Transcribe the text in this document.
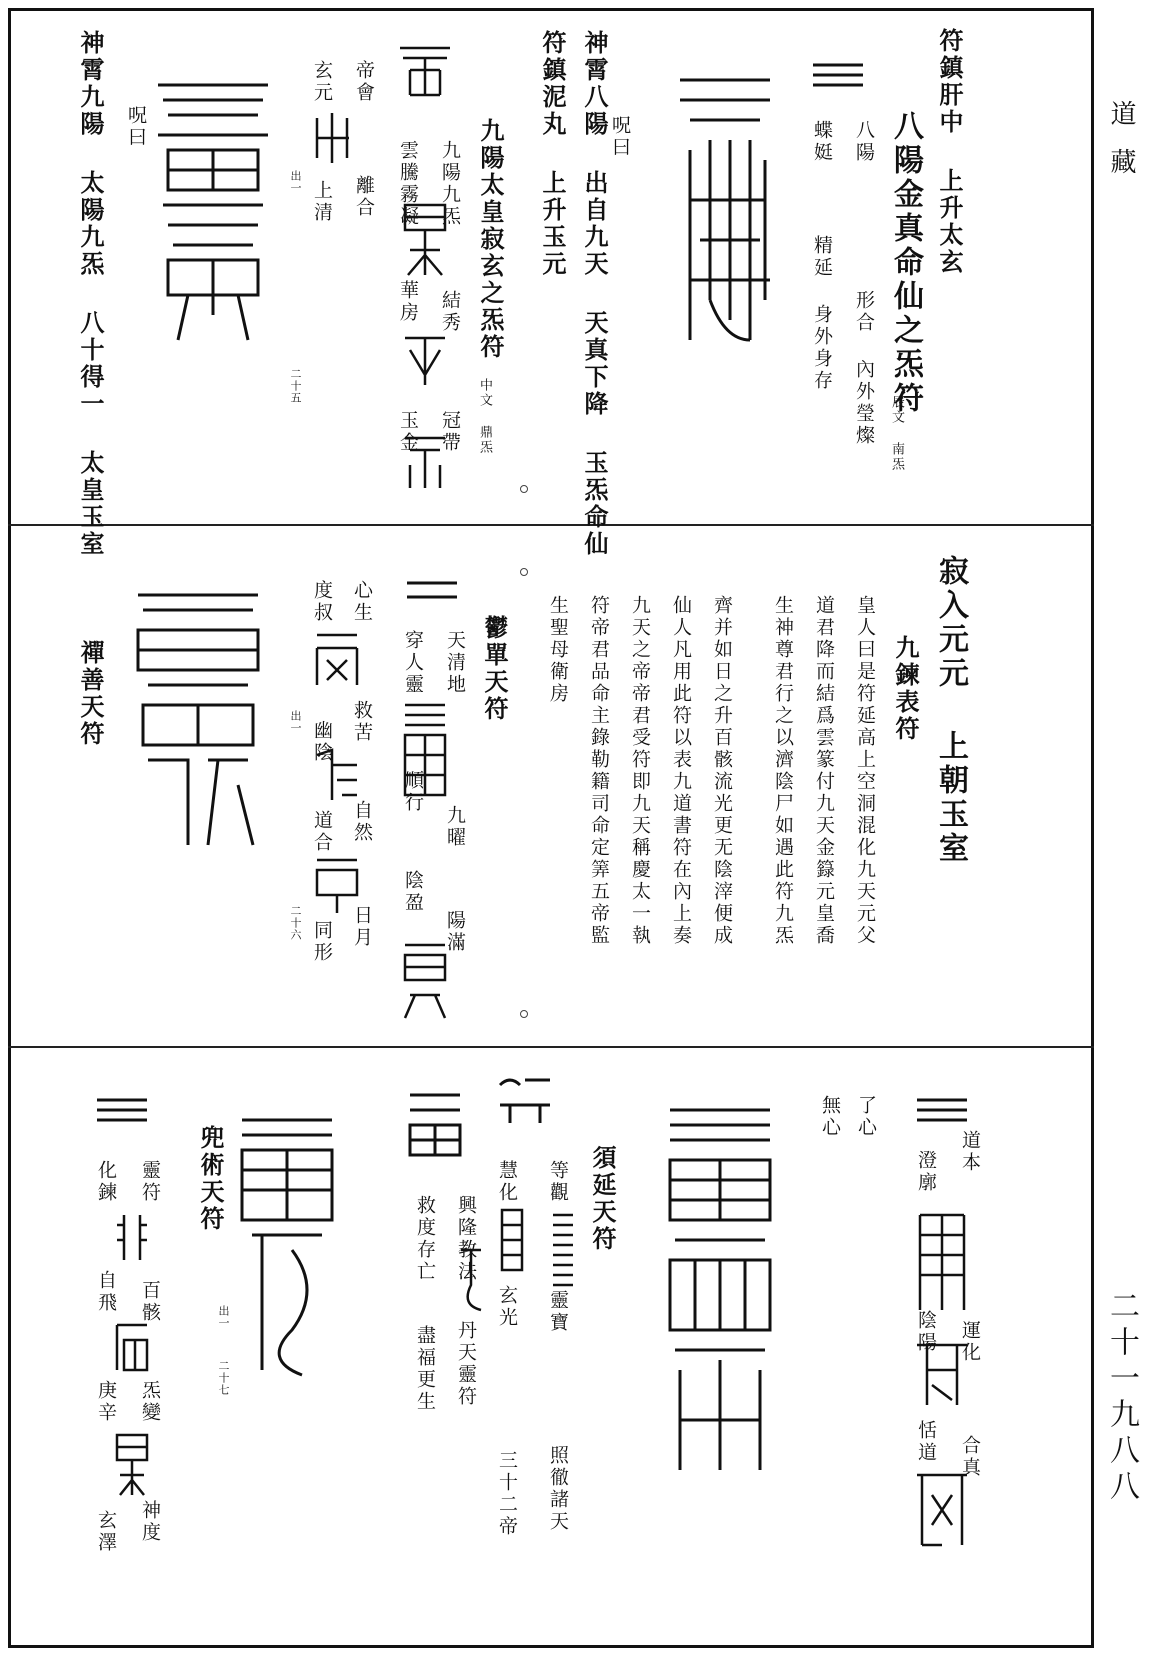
道藏
二十一九八八
符鎮肝中 上升太玄
八陽金真命仙之炁符
辰文 南炁
八陽
形合 內外瑩燦
蝶娗
精延 身外身存
呪曰
神霄八陽 出自九天 天真下降 玉炁命仙
符鎮泥丸 上升玉元
九陽太皇寂玄之炁符
中文 鼎炁
九陽九炁
結秀
冠帶
雲騰霧凝
華房
玉金
帝會
離合
玄元
上清
出一
二十五
呪曰
神霄九陽 太陽九炁 八十得一 太皇玉室
寂入元元 上朝玉室
九鍊表符
皇人曰是符延高上空洞混化九天元父
道君降而結爲雲篆付九天金籙元皇喬
生神尊君行之以濟陰尸如遇此符九炁
齊并如日之升百骸流光更无陰滓便成
仙人凡用此符以表九道書符在內上奏
九天之帝帝君受符即九天稱慶太一執
符帝君品命主錄勒籍司命定筭五帝監
生聖母衛房
鬱單天符
天清地
九曜
陽滿
穿人靈
順行
陰盈
心生
救苦
自然
日月
度叔
幽陰
道合
同形
出一
二十六
禪善天符
了心
無心
道本
運化
合真
澄廓
陰陽
恬道
須延天符
等觀
靈寶
照徹諸天
慧化
玄光
三十二帝
興隆教法
丹天靈符
救度存亡
盡福更生
兜術天符
出一
二十七
靈符
百骸
炁變
神度
化鍊
自飛
庚辛
玄澤
